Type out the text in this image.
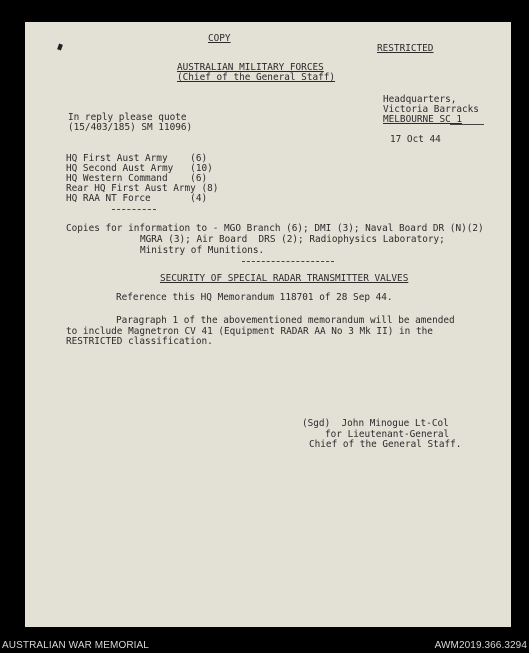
COPY
RESTRICTED
AUSTRALIAN MILITARY FORCES
(Chief of the General Staff)
Headquarters,
Victoria Barracks
MELBOURNE SC 1
17 Oct 44
In reply please quote
(15/403/185) SM 11096)
HQ First Aust Army    (6)
HQ Second Aust Army   (10)
HQ Western Command    (6)
Rear HQ First Aust Army (8)
HQ RAA NT Force       (4)
Copies for information to - MGO Branch (6); DMI (3); Naval Board DR (N)(2)
MGRA (3); Air Board  DRS (2); Radiophysics Laboratory;
Ministry of Munitions.
SECURITY OF SPECIAL RADAR TRANSMITTER VALVES
Reference this HQ Memorandum 118701 of 28 Sep 44.
Paragraph 1 of the abovementioned memorandum will be amended
to include Magnetron CV 41 (Equipment RADAR AA No 3 Mk II) in the
RESTRICTED classification.
(Sgd)  John Minogue Lt-Col
for Lieutenant-General
Chief of the General Staff.
AUSTRALIAN WAR MEMORIAL	AWM2019.366.3294
